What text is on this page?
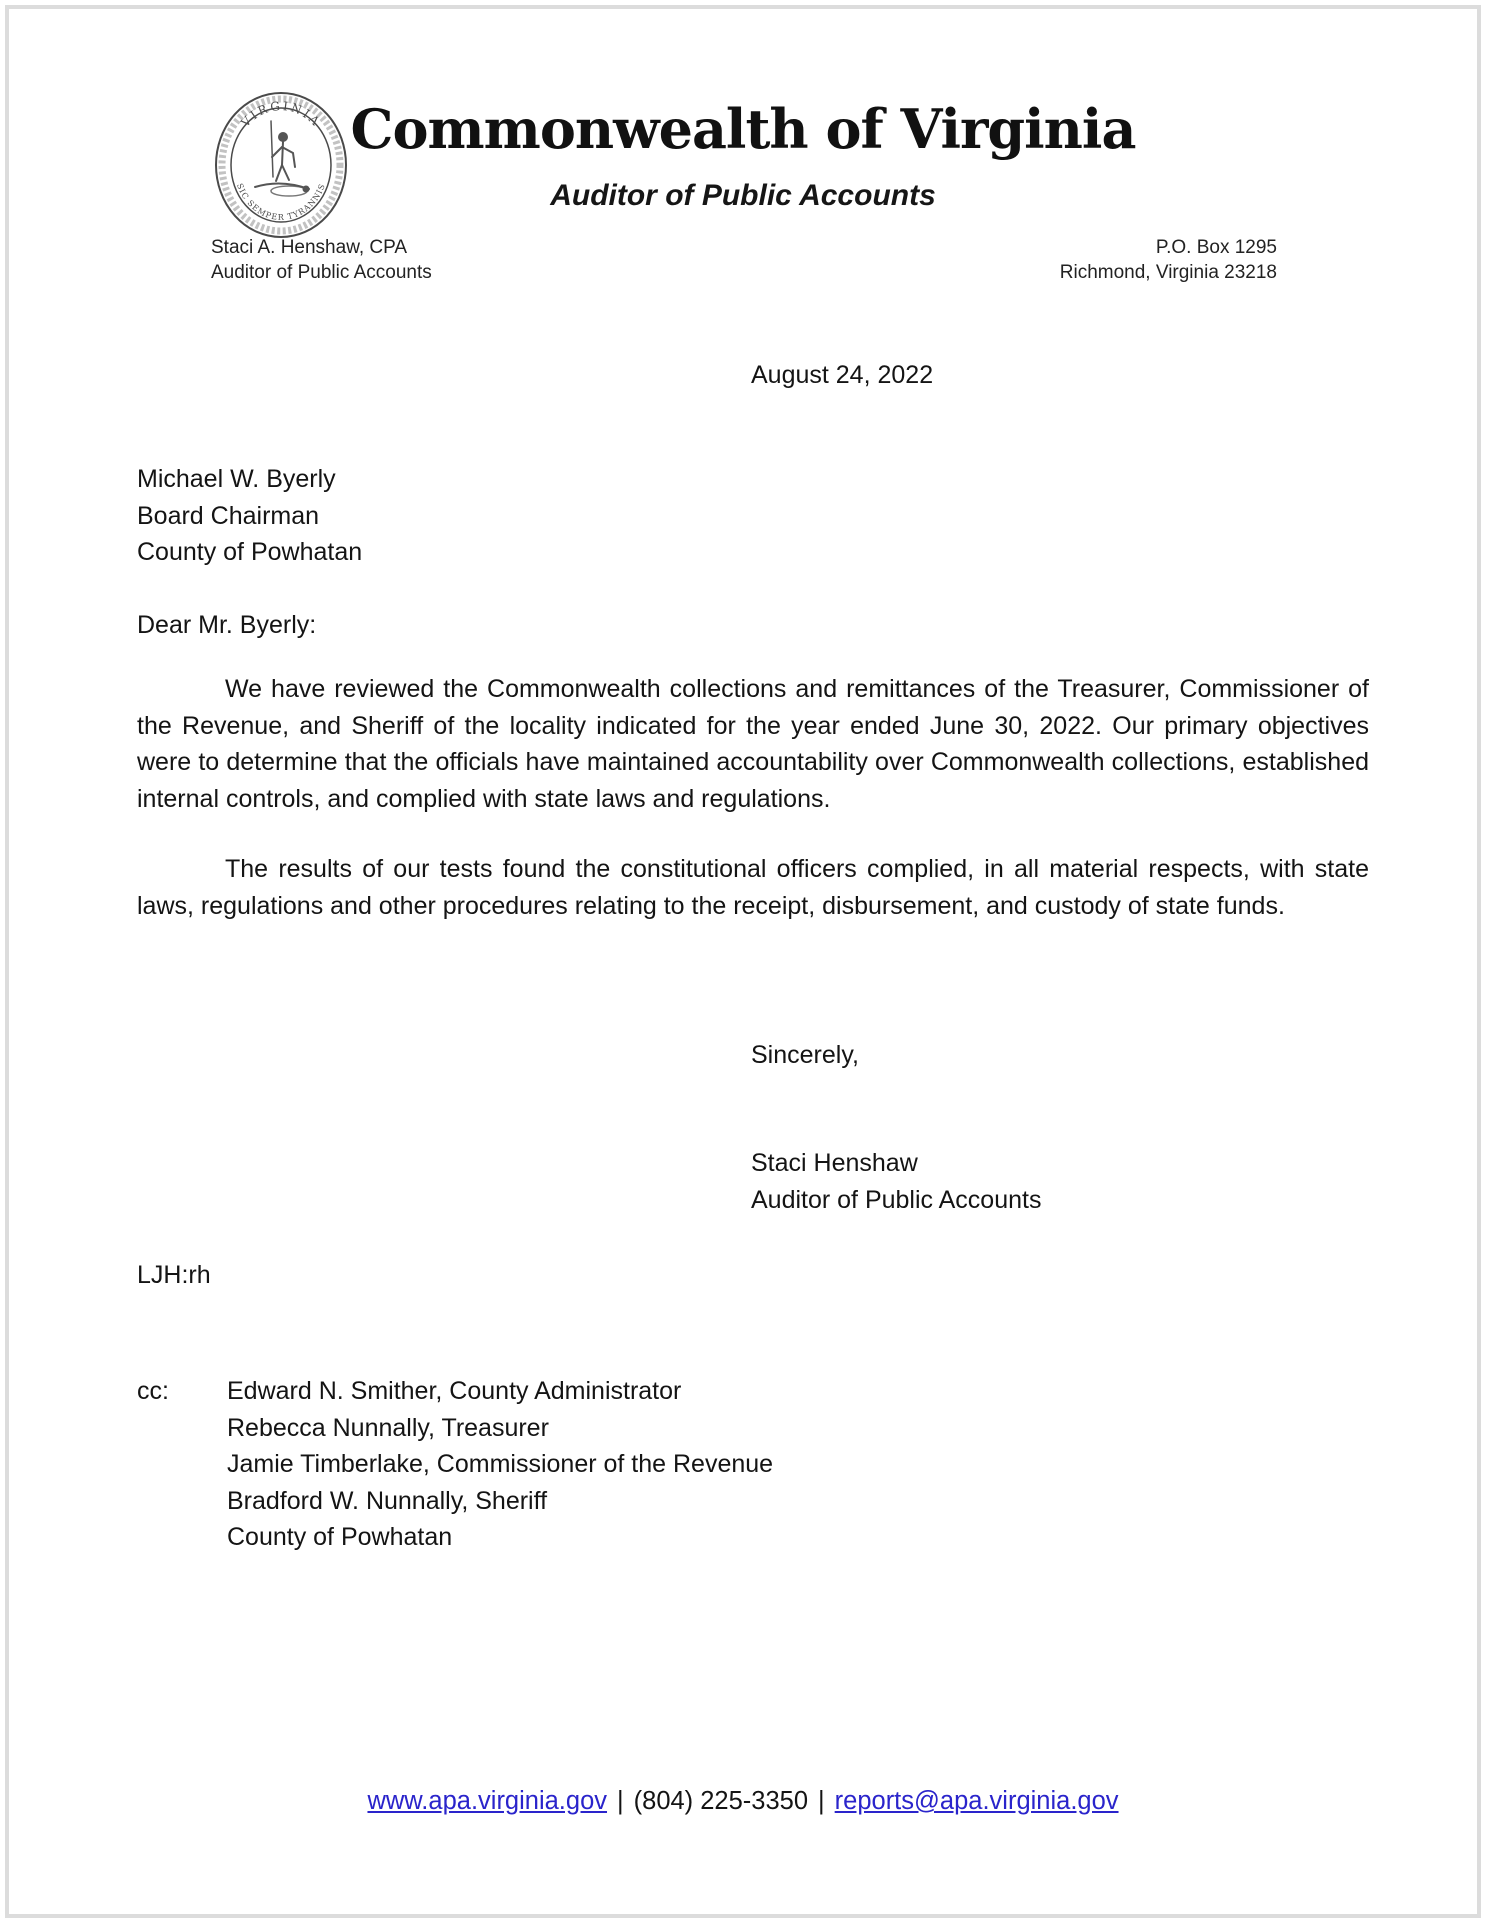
VIRGINIA
SIC SEMPER TYRANNIS
Commonwealth of Virginia
Auditor of Public Accounts
Staci A. Henshaw, CPA
Auditor of Public Accounts
P.O. Box 1295
Richmond, Virginia 23218
August 24, 2022
Michael W. Byerly
Board Chairman
County of Powhatan
Dear Mr. Byerly:

We have reviewed the Commonwealth collections and remittances of the Treasurer, Commissioner of the Revenue, and Sheriff of the locality indicated for the year ended June 30, 2022. Our primary objectives were to determine that the officials have maintained accountability over Commonwealth collections, established internal controls, and complied with state laws and regulations.

The results of our tests found the constitutional officers complied, in all material respects, with state laws, regulations and other procedures relating to the receipt, disbursement, and custody of state funds.

Sincerely,
Staci Henshaw
Auditor of Public Accounts
LJH:rh
cc:	Edward N. Smither, County Administrator
Rebecca Nunnally, Treasurer
Jamie Timberlake, Commissioner of the Revenue
Bradford W. Nunnally, Sheriff
County of Powhatan
www.apa.virginia.gov | (804) 225-3350 | reports@apa.virginia.gov
